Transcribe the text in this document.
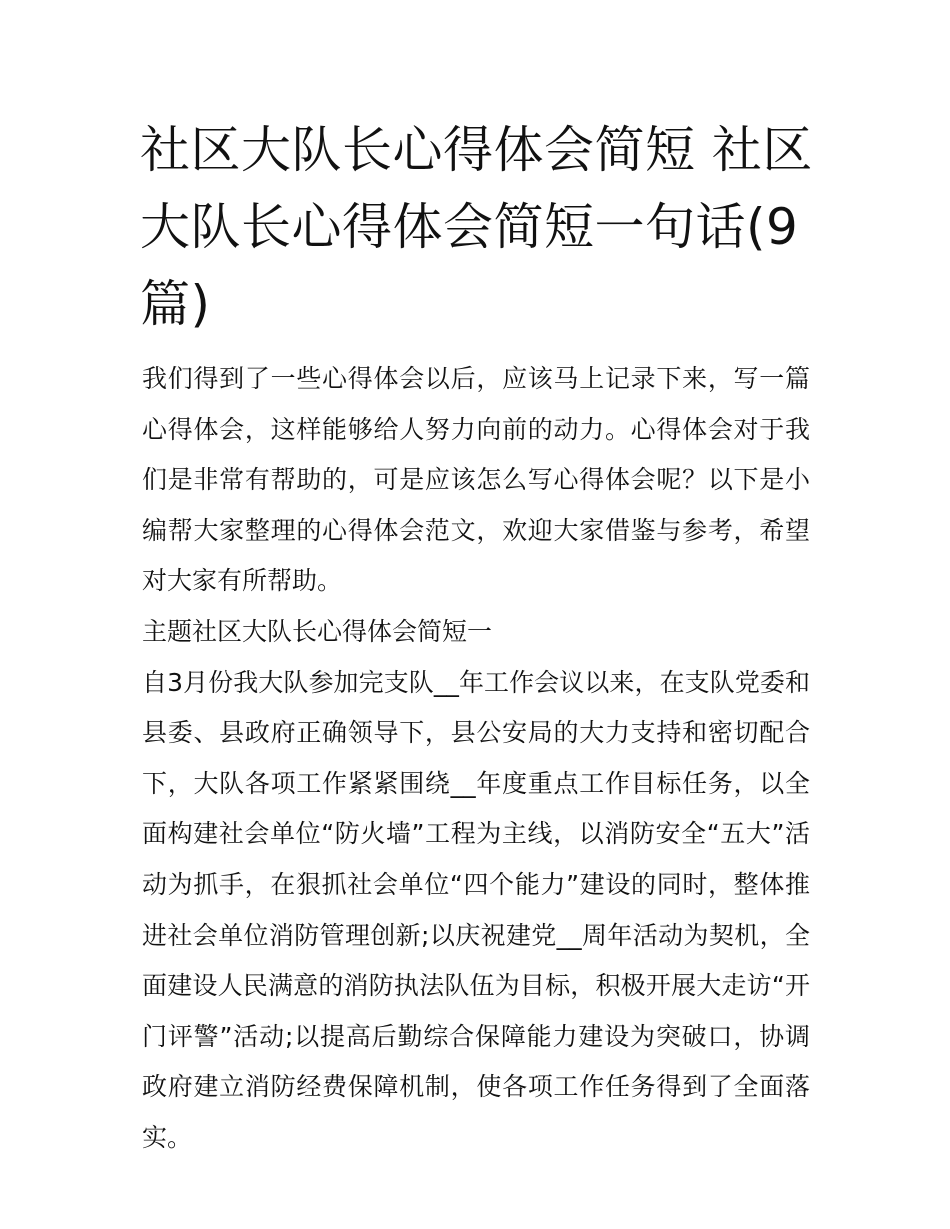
社区大队长心得体会简短 社区大队长心得体会简短一句话(9篇)

我们得到了一些心得体会以后，应该马上记录下来，写一篇心得体会，这样能够给人努力向前的动力。心得体会对于我们是非常有帮助的，可是应该怎么写心得体会呢？以下是小编帮大家整理的心得体会范文，欢迎大家借鉴与参考，希望对大家有所帮助。

主题社区大队长心得体会简短一

自3月份我大队参加完支队__年工作会议以来，在支队党委和县委、县政府正确领导下，县公安局的大力支持和密切配合下，大队各项工作紧紧围绕__年度重点工作目标任务，以全面构建社会单位“防火墙”工程为主线，以消防安全“五大”活动为抓手，在狠抓社会单位“四个能力”建设的同时，整体推进社会单位消防管理创新;以庆祝建党__周年活动为契机，全面建设人民满意的消防执法队伍为目标，积极开展大走访“开门评警”活动;以提高后勤综合保障能力建设为突破口，协调政府建立消防经费保障机制，使各项工作任务得到了全面落实。
